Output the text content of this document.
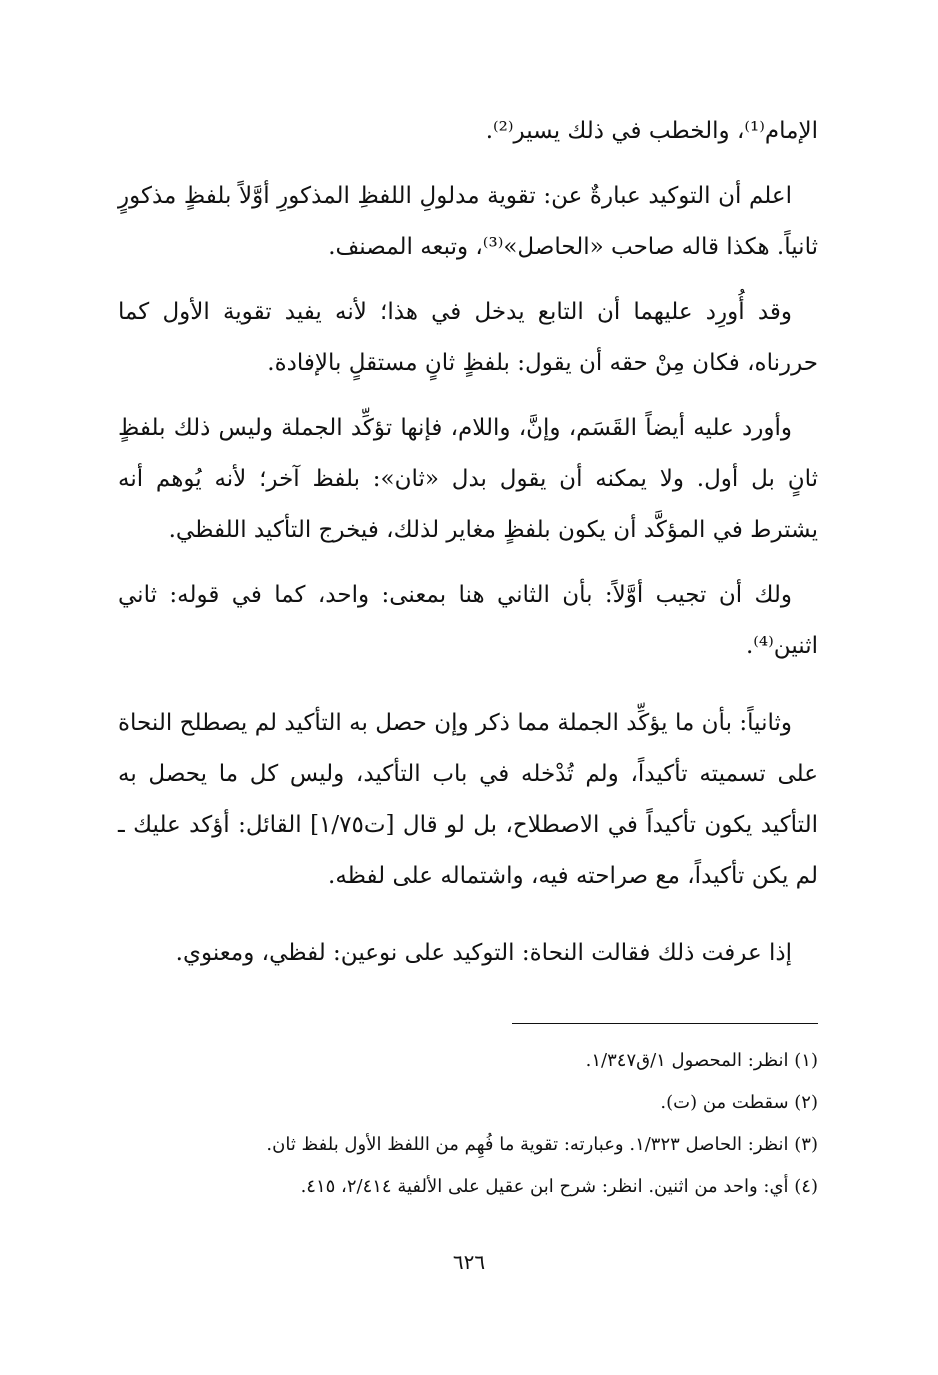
الإمام⁽¹⁾، والخطب في ذلك يسير⁽²⁾.

اعلم أن التوكيد عبارةٌ عن: تقوية مدلولِ اللفظِ المذكورِ أوَّلاً بلفظٍ مذكورٍ ثانياً. هكذا قاله صاحب «الحاصل»⁽³⁾، وتبعه المصنف.

وقد أُورِد عليهما أن التابع يدخل في هذا؛ لأنه يفيد تقوية الأول كما حررناه، فكان مِنْ حقه أن يقول: بلفظٍ ثانٍ مستقلٍ بالإفادة.

وأورد عليه أيضاً القَسَم، وإنَّ، واللام، فإنها تؤكِّد الجملة وليس ذلك بلفظٍ ثانٍ بل أول. ولا يمكنه أن يقول بدل «ثان»: بلفظ آخر؛ لأنه يُوهم أنه يشترط في المؤكَّد أن يكون بلفظٍ مغاير لذلك، فيخرج التأكيد اللفظي.

ولك أن تجيب أوَّلاً: بأن الثاني هنا بمعنى: واحد، كما في قوله: ثاني اثنين⁽⁴⁾.

وثانياً: بأن ما يؤكِّد الجملة مما ذكر وإن حصل به التأكيد لم يصطلح النحاة على تسميته تأكيداً، ولم تُدْخله في باب التأكيد، وليس كل ما يحصل به التأكيد يكون تأكيداً في الاصطلاح، بل لو قال [ت١/٧٥] القائل: أؤكد عليك ـ لم يكن تأكيداً، مع صراحته فيه، واشتماله على لفظه.

إذا عرفت ذلك فقالت النحاة: التوكيد على نوعين: لفظي، ومعنوي.

(١) انظر: المحصول ١/ق١/٣٤٧.

(٢) سقطت من (ت).

(٣) انظر: الحاصل ١/٣٢٣. وعبارته: تقوية ما فُهِم من اللفظ الأول بلفظ ثان.

(٤) أي: واحد من اثنين. انظر: شرح ابن عقيل على الألفية ٢/٤١٤، ٤١٥.

٦٢٦
